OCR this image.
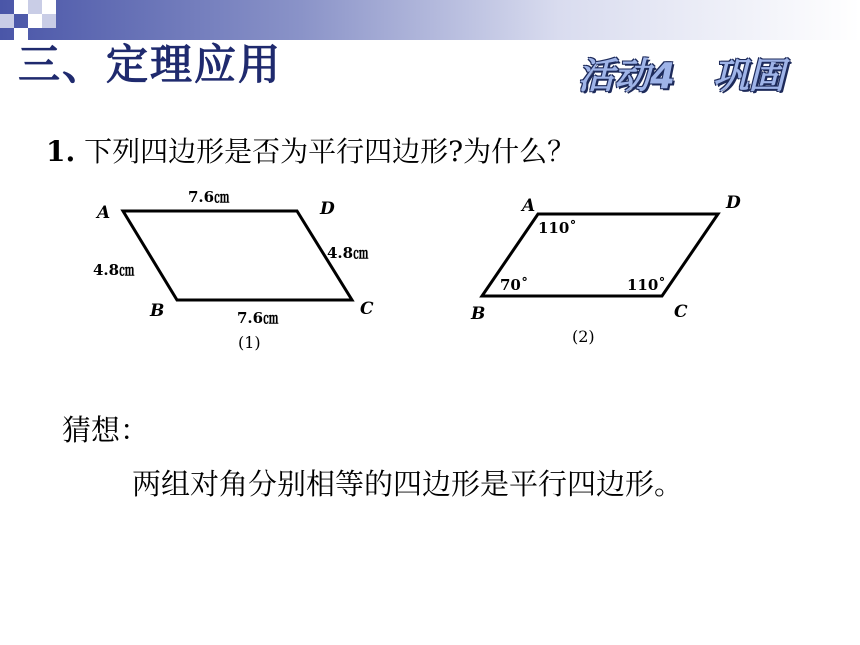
三、定理应用	活动4   巩固
1. 下列四边形是否为平行四边形?为什么？
A	D
B	C
7.6㎝
4.8㎝
4.8㎝
7.6㎝
(1)
A	D
B	C
110˚
70˚	110˚
(2)
猜想：
两组对角分别相等的四边形是平行四边形。
